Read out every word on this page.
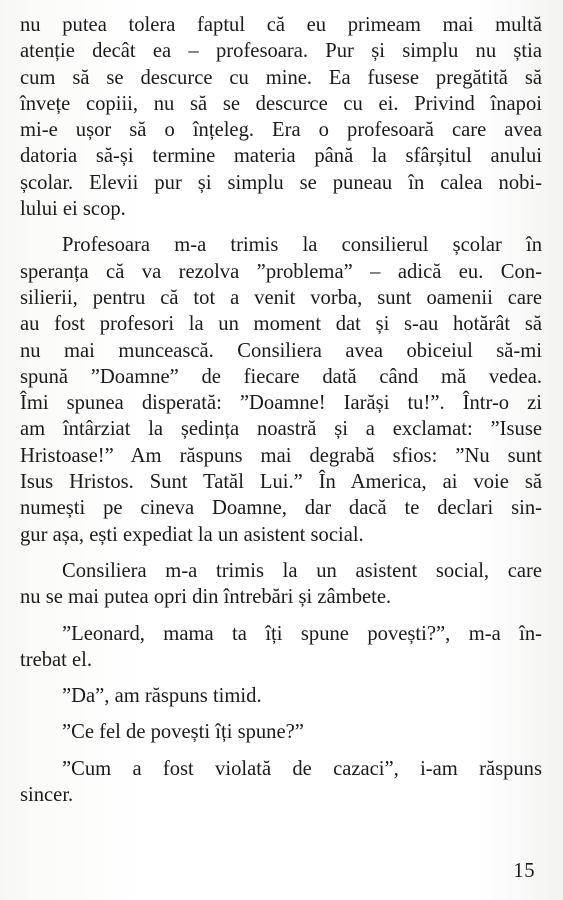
nu putea tolera faptul că eu primeam mai multă
atenție decât ea – profesoara. Pur și simplu nu știa
cum să se descurce cu mine. Ea fusese pregătită să
învețe copiii, nu să se descurce cu ei. Privind înapoi
mi-e ușor să o înțeleg. Era o profesoară care avea
datoria să-și termine materia până la sfârșitul anului
școlar. Elevii pur și simplu se puneau în calea nobi-
lului ei scop.
Profesoara m-a trimis la consilierul școlar în
speranța că va rezolva ”problema” – adică eu. Con-
silierii, pentru că tot a venit vorba, sunt oamenii care
au fost profesori la un moment dat și s-au hotărât să
nu mai muncească. Consiliera avea obiceiul să-mi
spună ”Doamne” de fiecare dată când mă vedea.
Îmi spunea disperată: ”Doamne! Iarăși tu!”. Într-o zi
am întârziat la ședința noastră și a exclamat: ”Isuse
Hristoase!” Am răspuns mai degrabă sfios: ”Nu sunt
Isus Hristos. Sunt Tatăl Lui.” În America, ai voie să
numești pe cineva Doamne, dar dacă te declari sin-
gur așa, ești expediat la un asistent social.
Consiliera m-a trimis la un asistent social, care
nu se mai putea opri din întrebări și zâmbete.
”Leonard, mama ta îți spune povești?”, m-a în-
trebat el.
”Da”, am răspuns timid.
”Ce fel de povești îți spune?”
”Cum a fost violată de cazaci”, i-am răspuns
sincer.
15
